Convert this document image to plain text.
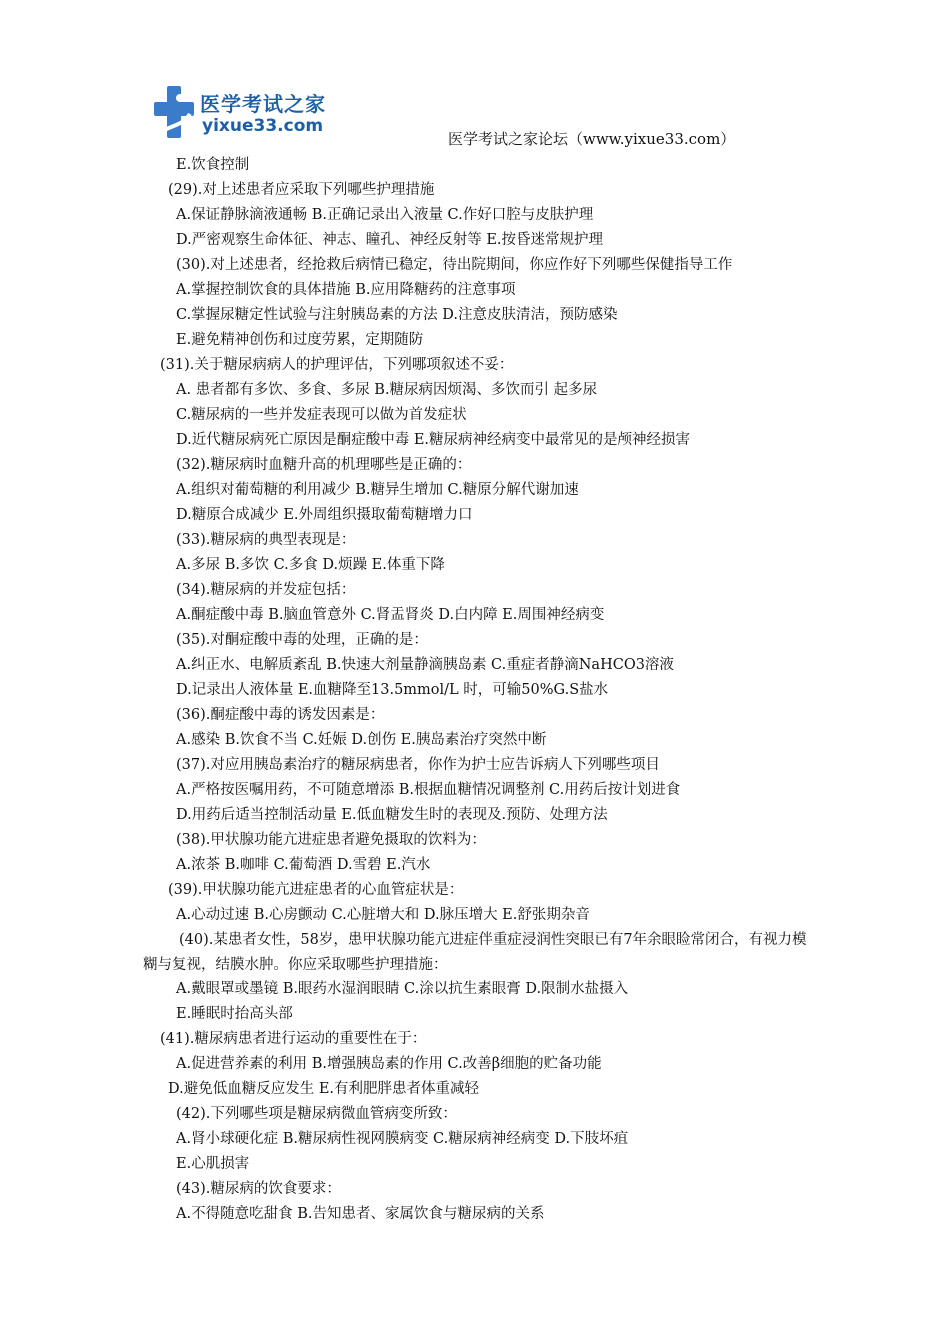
医学考试之家
yixue33.com
医学考试之家论坛（www.yixue33.com）
E.饮食控制
(29).对上述患者应采取下列哪些护理措施
A.保证静脉滴液通畅 B.正确记录出入液量 C.作好口腔与皮肤护理
D.严密观察生命体征、神志、瞳孔、神经反射等 E.按昏迷常规护理
(30).对上述患者，经抢救后病情已稳定，待出院期间，你应作好下列哪些保健指导工作
A.掌握控制饮食的具体措施 B.应用降糖药的注意事项
C.掌握尿糖定性试验与注射胰岛素的方法 D.注意皮肤清洁，预防感染
E.避免精神创伤和过度劳累，定期随防
(31).关于糖尿病病人的护理评估，下列哪项叙述不妥：
A. 患者都有多饮、多食、多尿 B.糖尿病因烦渴、多饮而引 起多尿
C.糖尿病的一些并发症表现可以做为首发症状
D.近代糖尿病死亡原因是酮症酸中毒 E.糖尿病神经病变中最常见的是颅神经损害
(32).糖尿病时血糖升高的机理哪些是正确的：
A.组织对葡萄糖的利用减少 B.糖异生增加 C.糖原分解代谢加速
D.糖原合成减少 E.外周组织摄取葡萄糖增力口
(33).糖尿病的典型表现是：
A.多尿 B.多饮 C.多食 D.烦躁 E.体重下降
(34).糖尿病的并发症包括：
A.酮症酸中毒 B.脑血管意外 C.肾盂肾炎 D.白内障 E.周围神经病变
(35).对酮症酸中毒的处理，正确的是：
A.纠正水、电解质紊乱 B.快速大剂量静滴胰岛素 C.重症者静滴NaHCO3溶液
D.记录出人液体量 E.血糖降至13.5mmol/L 时，可输50%G.S盐水
(36).酮症酸中毒的诱发因素是：
A.感染 B.饮食不当 C.妊娠 D.创伤 E.胰岛素治疗突然中断
(37).对应用胰岛素治疗的糖尿病患者，你作为护士应告诉病人下列哪些项目
A.严格按医嘱用药，不可随意增添 B.根据血糖情况调整剂 C.用药后按计划进食
D.用药后适当控制活动量 E.低血糖发生时的表现及.预防、处理方法
(38).甲状腺功能亢进症患者避免摄取的饮料为：
A.浓茶 B.咖啡 C.葡萄酒 D.雪碧 E.汽水
(39).甲状腺功能亢进症患者的心血管症状是：
A.心动过速 B.心房颤动 C.心脏增大和 D.脉压增大 E.舒张期杂音
(40).某患者女性，58岁，患甲状腺功能亢进症伴重症浸润性突眼已有7年余眼睑常闭合，有视力模糊与复视，结膜水肿。你应采取哪些护理措施：
A.戴眼罩或墨镜 B.眼药水湿润眼睛 C.涂以抗生素眼膏 D.限制水盐摄入
E.睡眠时抬高头部
(41).糖尿病患者进行运动的重要性在于：
A.促进营养素的利用 B.增强胰岛素的作用 C.改善β细胞的贮备功能
D.避免低血糖反应发生 E.有利肥胖患者体重减轻
(42).下列哪些项是糖尿病微血管病变所致：
A.肾小球硬化症 B.糖尿病性视网膜病变 C.糖尿病神经病变 D.下肢坏疽
E.心肌损害
(43).糖尿病的饮食要求：
A.不得随意吃甜食 B.告知患者、家属饮食与糖尿病的关系
